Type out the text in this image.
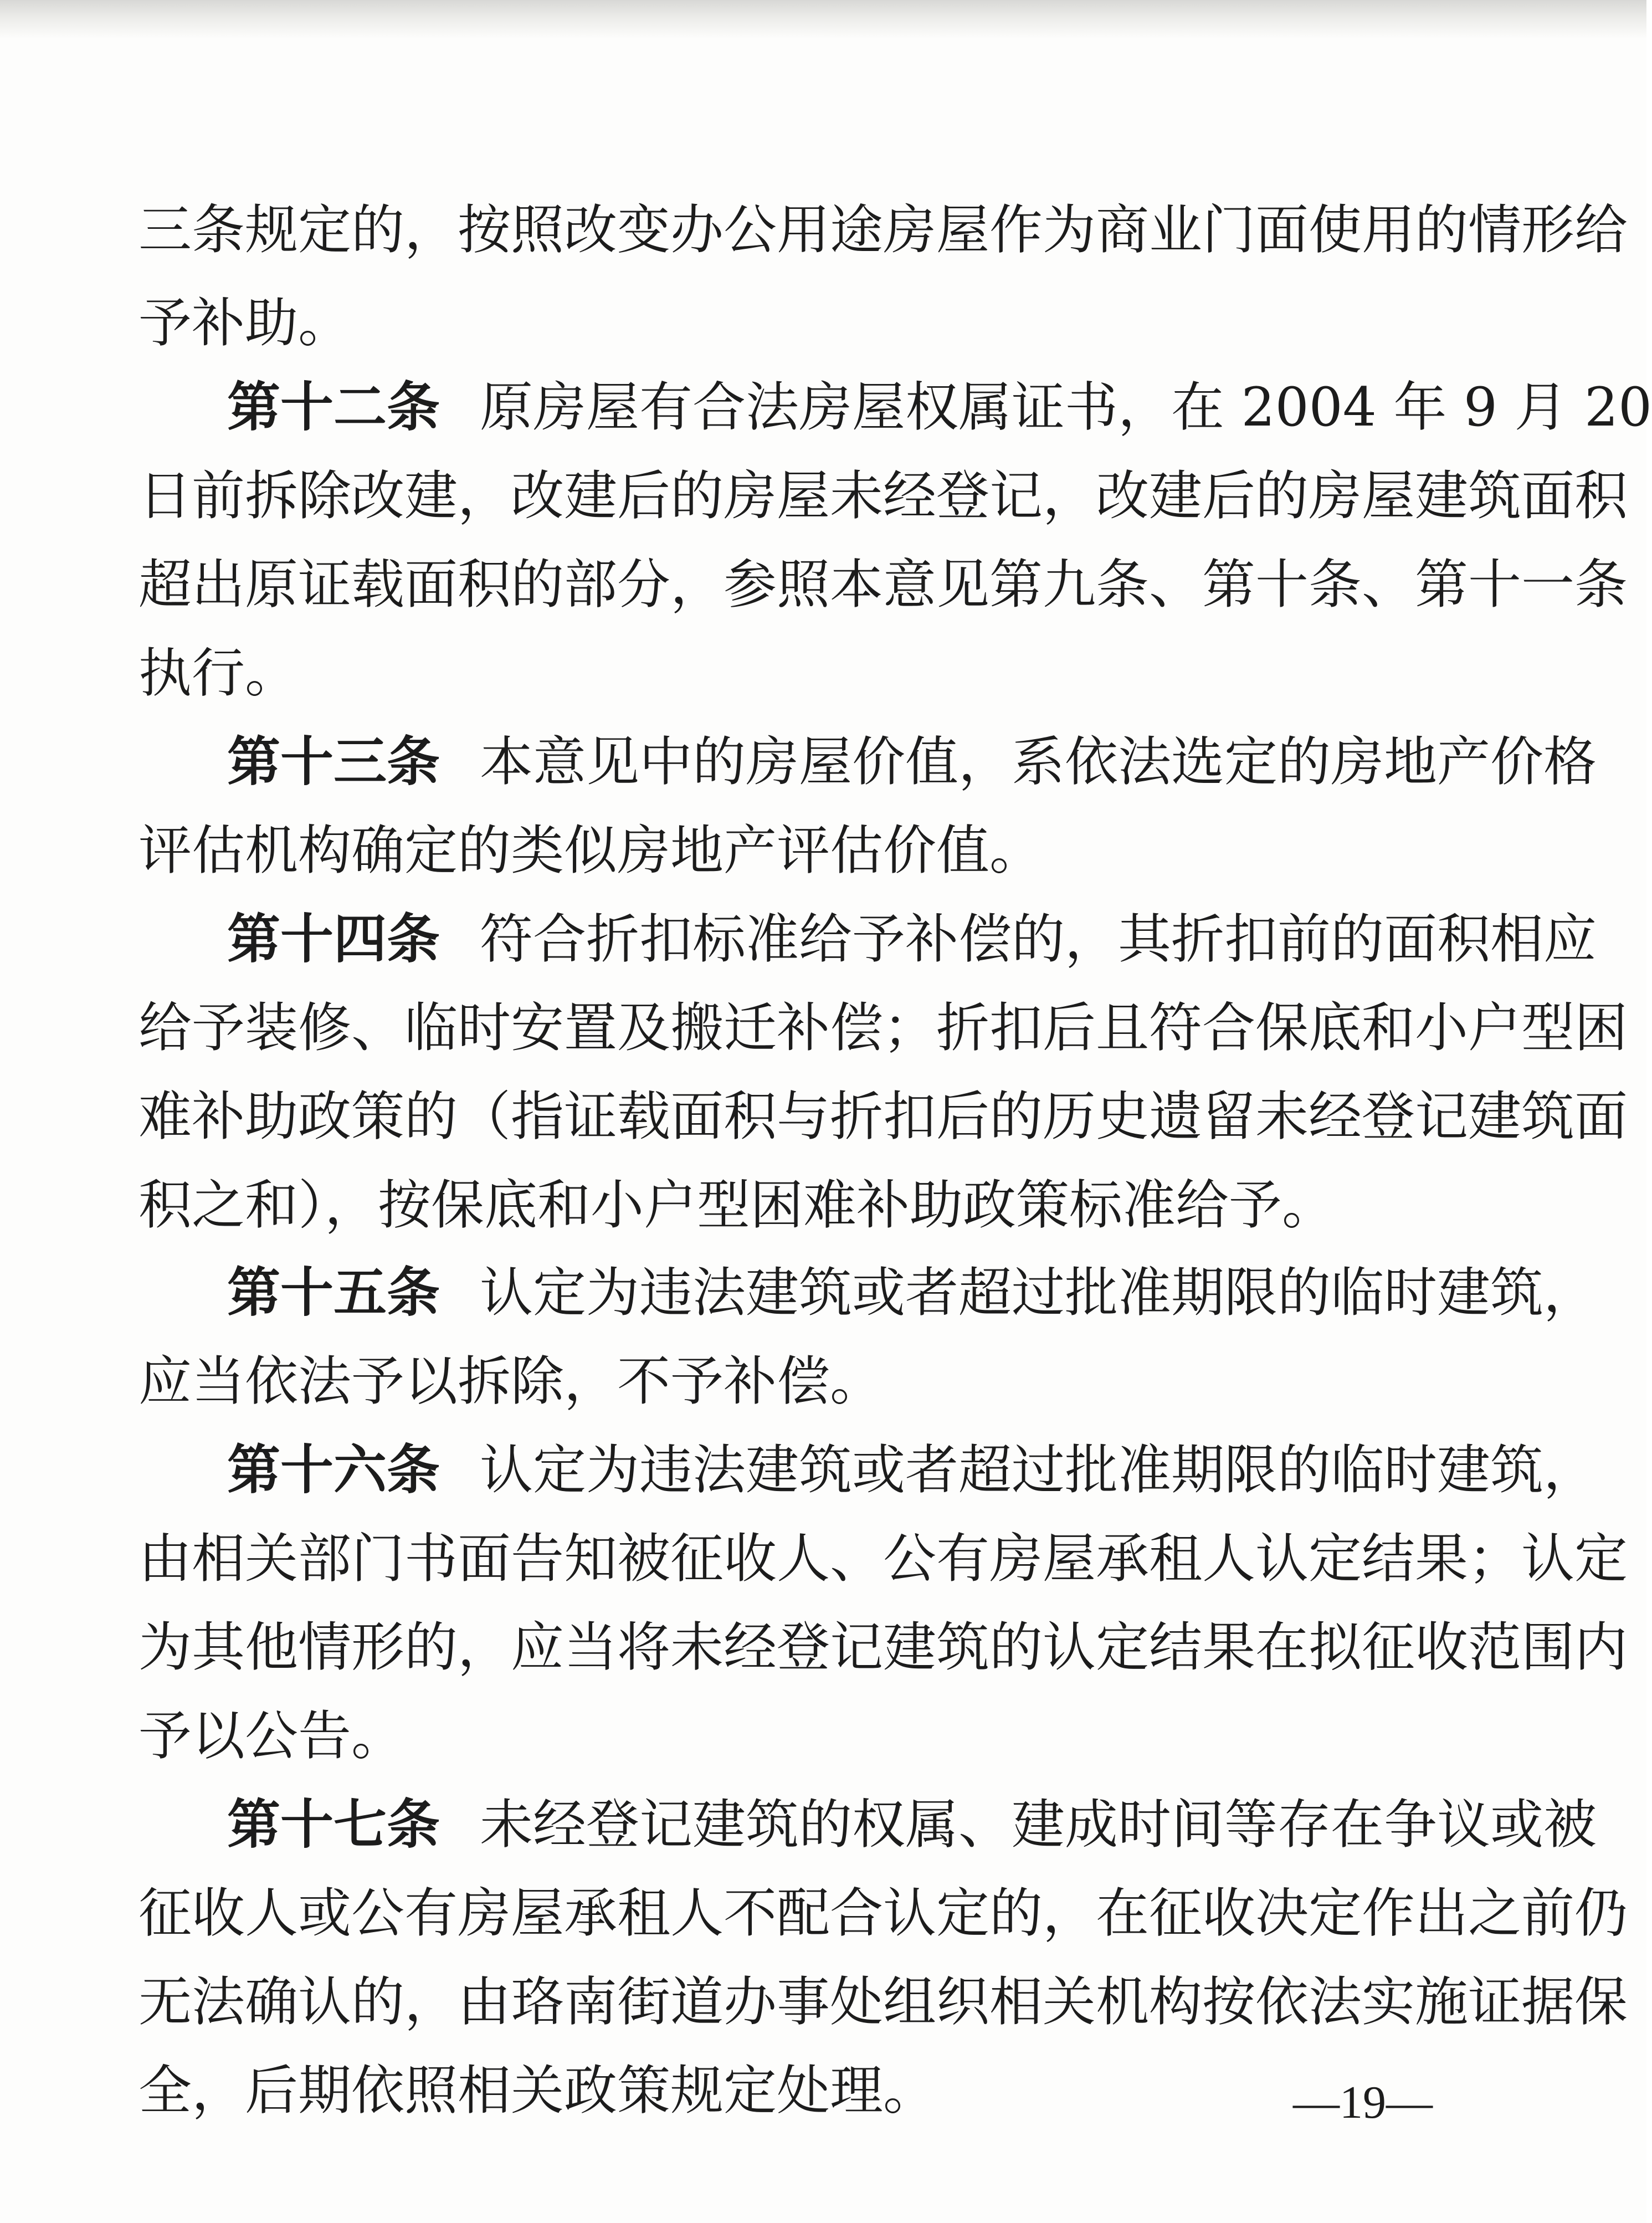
三条规定的，按照改变办公用途房屋作为商业门面使用的情形给
予补助。
第十二条 原房屋有合法房屋权属证书，在 2004 年 9 月 20
日前拆除改建，改建后的房屋未经登记，改建后的房屋建筑面积
超出原证载面积的部分，参照本意见第九条、第十条、第十一条
执行。
第十三条 本意见中的房屋价值，系依法选定的房地产价格
评估机构确定的类似房地产评估价值。
第十四条 符合折扣标准给予补偿的，其折扣前的面积相应
给予装修、临时安置及搬迁补偿；折扣后且符合保底和小户型困
难补助政策的（指证载面积与折扣后的历史遗留未经登记建筑面
积之和），按保底和小户型困难补助政策标准给予。
第十五条 认定为违法建筑或者超过批准期限的临时建筑，
应当依法予以拆除，不予补偿。
第十六条 认定为违法建筑或者超过批准期限的临时建筑，
由相关部门书面告知被征收人、公有房屋承租人认定结果；认定
为其他情形的，应当将未经登记建筑的认定结果在拟征收范围内
予以公告。
第十七条 未经登记建筑的权属、建成时间等存在争议或被
征收人或公有房屋承租人不配合认定的，在征收决定作出之前仍
无法确认的，由珞南街道办事处组织相关机构按依法实施证据保
全，后期依照相关政策规定处理。	—19—
